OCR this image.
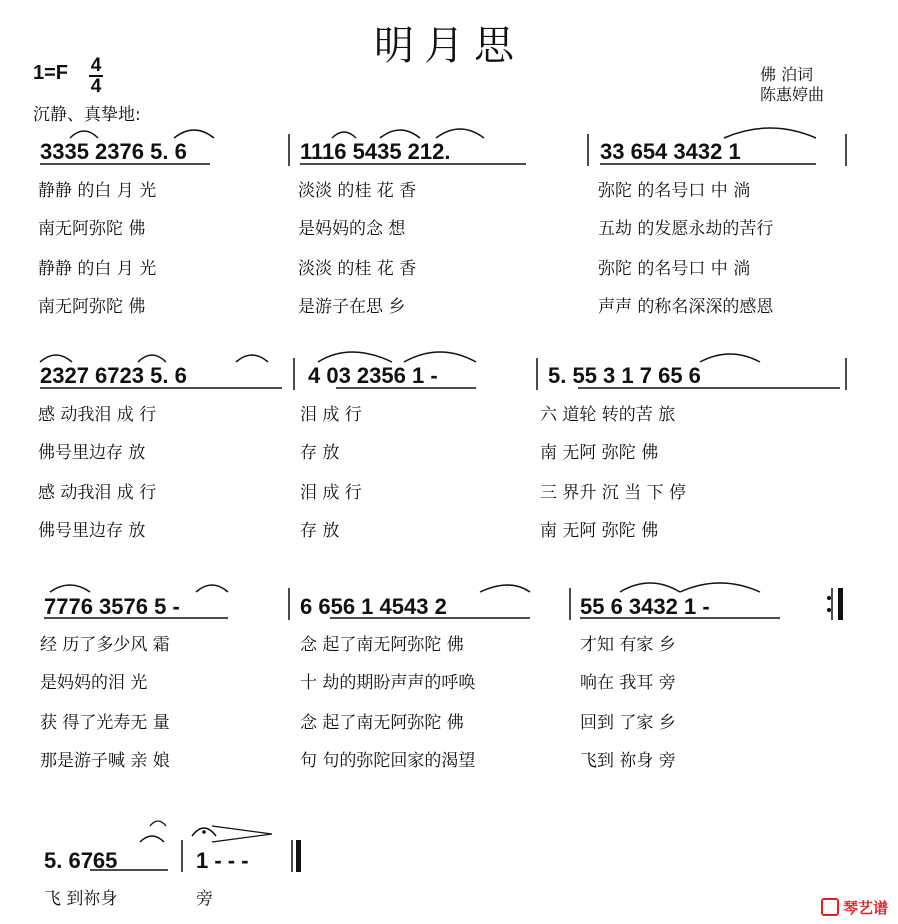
明月思
1=F 4
4
沉静、真挚地:
佛 泊词
陈惠婷曲
3335 2376 5. 6	1116 5435 212.	33 654 3432 1
静静 的白 月 光	淡淡 的桂 花 香	弥陀 的名号口 中 淌
南无阿弥陀 佛	是妈妈的念 想	五劫 的发愿永劫的苦行
静静 的白 月 光	淡淡 的桂 花 香	弥陀 的名号口 中 淌
南无阿弥陀 佛	是游子在思 乡	声声 的称名深深的感恩
2327 6723 5. 6	4 03 2356 1 -	5. 55 3 1 7 65 6
感 动我泪 成 行	泪 成 行	六 道轮 转的苦 旅
佛号里边存 放	存 放	南 无阿 弥陀 佛
感 动我泪 成 行	泪 成 行	三 界升 沉 当 下 停
佛号里边存 放	存 放	南 无阿 弥陀 佛
7776 3576 5 -	6 656 1 4543 2	55 6 3432 1 -
经 历了多少风 霜	念 起了南无阿弥陀 佛	才知 有家 乡
是妈妈的泪 光	十 劫的期盼声声的呼唤	响在 我耳 旁
获 得了光寿无 量	念 起了南无阿弥陀 佛	回到 了家 乡
那是游子喊 亲 娘	句 句的弥陀回家的渴望	飞到 祢身 旁
5. 6765	1 - - -
飞 到祢身	旁	琴艺谱
